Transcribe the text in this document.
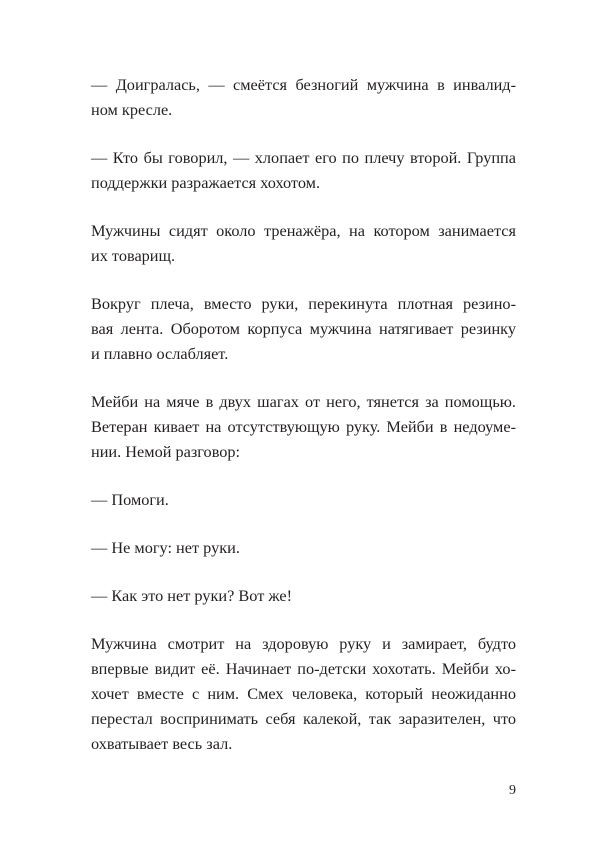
— Доигралась, — смеётся безногий мужчина в инвалид-
ном кресле.

— Кто бы говорил, — хлопает его по плечу второй. Группа
поддержки разражается хохотом.

Мужчины сидят около тренажёра, на котором занимается
их товарищ.

Вокруг плеча, вместо руки, перекинута плотная резино-
вая лента. Оборотом корпуса мужчина натягивает резинку
и плавно ослабляет.

Мейби на мяче в двух шагах от него, тянется за помощью.
Ветеран кивает на отсутствующую руку. Мейби в недоуме-
нии. Немой разговор:

— Помоги.

— Не могу: нет руки.

— Как это нет руки? Вот же!

Мужчина смотрит на здоровую руку и замирает, будто
впервые видит её. Начинает по-детски хохотать. Мейби хо-
хочет вместе с ним. Смех человека, который неожиданно
перестал воспринимать себя калекой, так заразителен, что
охватывает весь зал.

9
